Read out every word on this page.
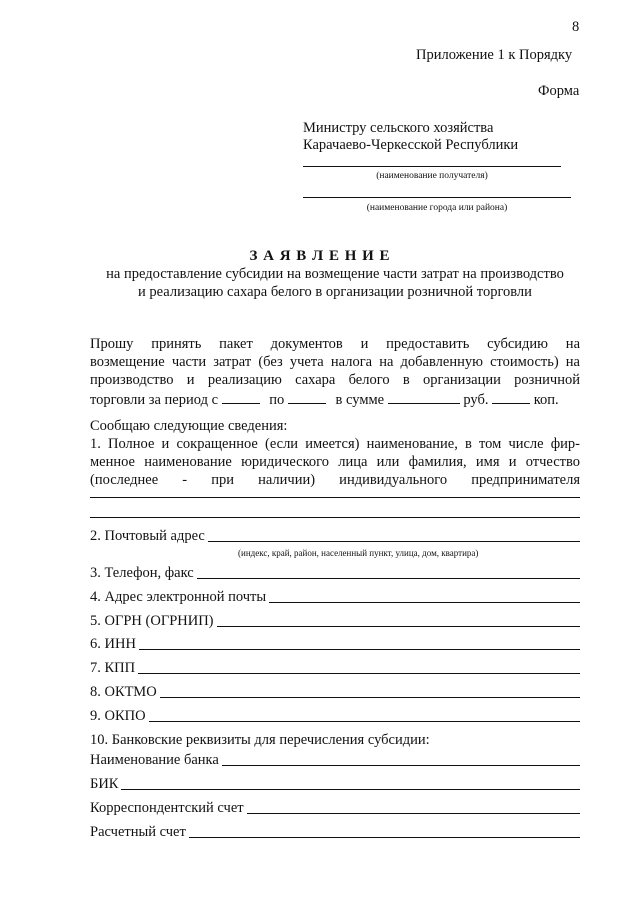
8
Приложение 1 к Порядку
Форма
Министру сельского хозяйства
Карачаево-Черкесской Республики
(наименование получателя)
(наименование города или района)
З А Я В Л Е Н И Е
на предоставление субсидии на возмещение части затрат на производство
и реализацию сахара белого в организации розничной торговли
Прошу принять пакет документов и предоставить субсидию на
возмещение части затрат (без учета налога на добавленную стоимость) на
производство и реализацию сахара белого в организации розничной
торговли за период с	по	в сумме	руб.	коп.
Сообщаю следующие сведения:
1. Полное и сокращенное (если имеется) наименование, в том числе фир-
менное наименование юридического лица или фамилия, имя и отчество
(последнее - при наличии) индивидуального предпринимателя
2. Почтовый адрес
(индекс, край, район, населенный пункт, улица, дом, квартира)
3. Телефон, факс
4. Адрес электронной почты
5. ОГРН (ОГРНИП)
6. ИНН
7. КПП
8. ОКТМО
9. ОКПО
10. Банковские реквизиты для перечисления субсидии:
Наименование банка
БИК
Корреспондентский счет
Расчетный счет
